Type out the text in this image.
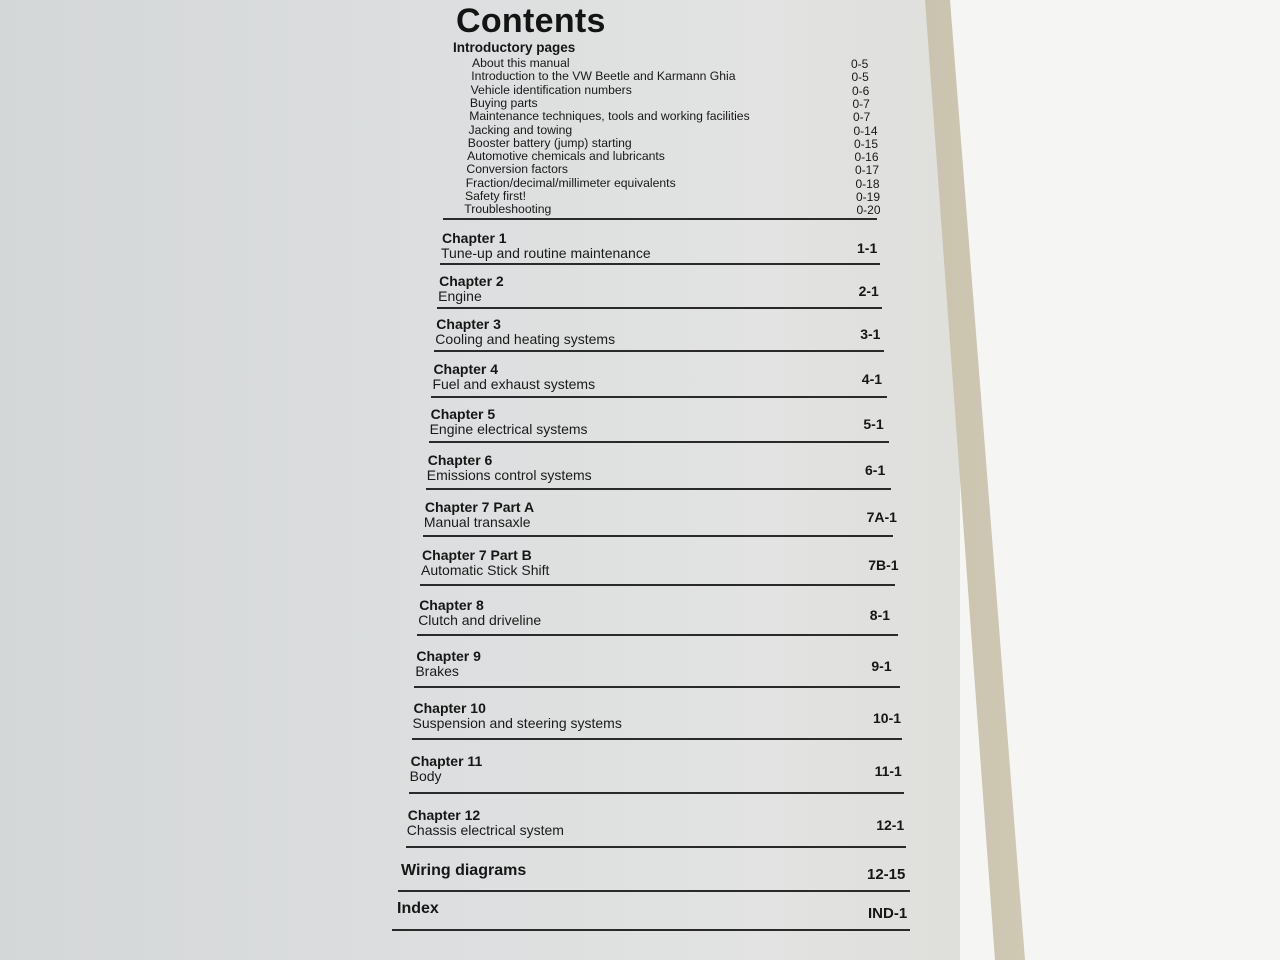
Contents
Introductory pages
About this manual	0-5
Introduction to the VW Beetle and Karmann Ghia	0-5
Vehicle identification numbers	0-6
Buying parts	0-7
Maintenance techniques, tools and working facilities	0-7
Jacking and towing	0-14
Booster battery (jump) starting	0-15
Automotive chemicals and lubricants	0-16
Conversion factors	0-17
Fraction/decimal/millimeter equivalents	0-18
Safety first!	0-19
Troubleshooting	0-20
Chapter 1
Tune-up and routine maintenance	1-1
Chapter 2
Engine	2-1
Chapter 3
Cooling and heating systems	3-1
Chapter 4
Fuel and exhaust systems	4-1
Chapter 5
Engine electrical systems	5-1
Chapter 6
Emissions control systems	6-1
Chapter 7 Part A
Manual transaxle	7A-1
Chapter 7 Part B
Automatic Stick Shift	7B-1
Chapter 8
Clutch and driveline	8-1
Chapter 9
Brakes	9-1
Chapter 10
Suspension and steering systems	10-1
Chapter 11
Body	11-1
Chapter 12
Chassis electrical system	12-1
Wiring diagrams	12-15
Index	IND-1
